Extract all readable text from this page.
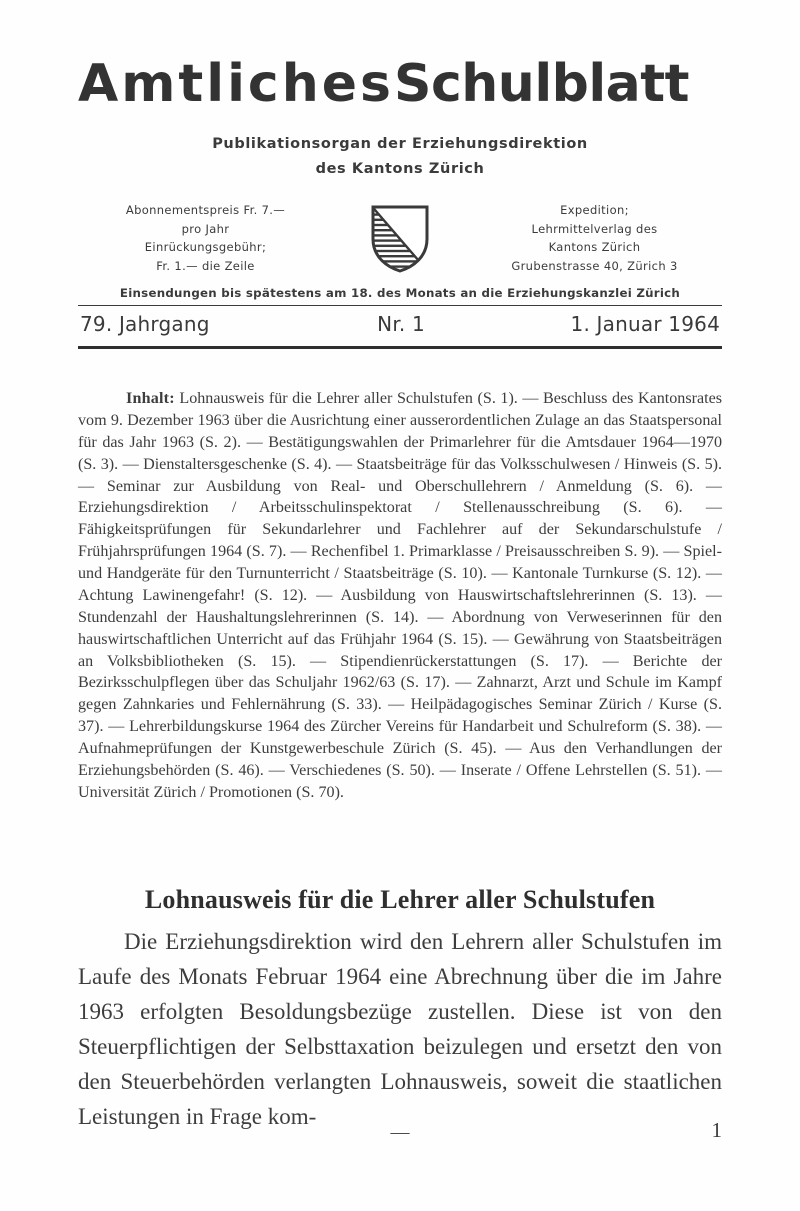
AmtlichesSchulblatt
Publikationsorgan der Erziehungsdirektion
des Kantons Zürich
Abonnementspreis Fr. 7.—
pro Jahr
Einrückungsgebühr;
Fr. 1.— die Zeile
Expedition;
Lehrmittelverlag des
Kantons Zürich
Grubenstrasse 40, Zürich 3
Einsendungen bis spätestens am 18. des Monats an die Erziehungskanzlei Zürich
79. Jahrgang	Nr. 1	1. Januar 1964
Inhalt: Lohnausweis für die Lehrer aller Schulstufen (S. 1). — Beschluss des Kantonsrates vom 9. Dezember 1963 über die Ausrichtung einer ausserordentlichen Zulage an das Staatspersonal für das Jahr 1963 (S. 2). — Bestätigungswahlen der Primarlehrer für die Amtsdauer 1964—1970 (S. 3). — Dienstaltersgeschenke (S. 4). — Staatsbeiträge für das Volksschulwesen / Hinweis (S. 5). — Seminar zur Ausbildung von Real- und Oberschullehrern / Anmeldung (S. 6). — Erziehungsdirektion / Arbeitsschulinspektorat / Stellenausschreibung (S. 6). — Fähigkeitsprüfungen für Sekundarlehrer und Fachlehrer auf der Sekundarschulstufe / Frühjahrsprüfungen 1964 (S. 7). — Rechenfibel 1. Primarklasse / Preisausschreiben S. 9). — Spiel- und Handgeräte für den Turnunterricht / Staatsbeiträge (S. 10). — Kantonale Turnkurse (S. 12). — Achtung Lawinengefahr! (S. 12). — Ausbildung von Hauswirtschaftslehrerinnen (S. 13). — Stundenzahl der Haushaltungslehrerinnen (S. 14). — Abordnung von Verweserinnen für den hauswirtschaftlichen Unterricht auf das Frühjahr 1964 (S. 15). — Gewährung von Staatsbeiträgen an Volksbibliotheken (S. 15). — Stipendienrückerstattungen (S. 17). — Berichte der Bezirksschulpflegen über das Schuljahr 1962/63 (S. 17). — Zahnarzt, Arzt und Schule im Kampf gegen Zahnkaries und Fehlernährung (S. 33). — Heilpädagogisches Seminar Zürich / Kurse (S. 37). — Lehrerbildungskurse 1964 des Zürcher Vereins für Handarbeit und Schulreform (S. 38). — Aufnahmeprüfungen der Kunstgewerbeschule Zürich (S. 45). — Aus den Verhandlungen der Erziehungsbehörden (S. 46). — Verschiedenes (S. 50). — Inserate / Offene Lehrstellen (S. 51). — Universität Zürich / Promotionen (S. 70).
Lohnausweis für die Lehrer aller Schulstufen
Die Erziehungsdirektion wird den Lehrern aller Schulstufen im Laufe des Monats Februar 1964 eine Abrechnung über die im Jahre 1963 erfolgten Besoldungsbezüge zustellen. Diese ist von den Steuerpflichtigen der Selbsttaxation beizulegen und ersetzt den von den Steuerbehörden verlangten Lohnausweis, soweit die staatlichen Leistungen in Frage kom-
—	1
